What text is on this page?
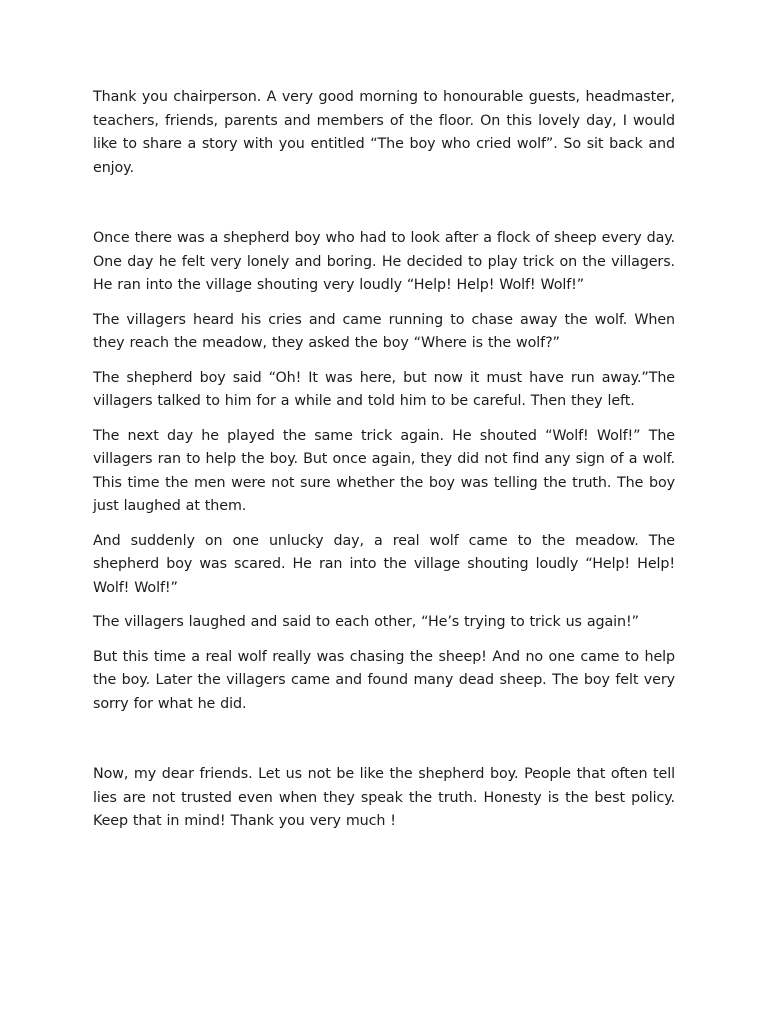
Thank you chairperson. A very good morning to honourable guests, headmaster, teachers, friends, parents and members of the floor. On this lovely day, I would like to share a story with you entitled “The boy who cried wolf”. So sit back and enjoy.

Once there was a shepherd boy who had to look after a flock of sheep every day. One day he felt very lonely and boring. He decided to play trick on the villagers. He ran into the village shouting very loudly “Help! Help! Wolf! Wolf!”

The villagers heard his cries and came running to chase away the wolf. When they reach the meadow, they asked the boy “Where is the wolf?”

The shepherd boy said “Oh! It was here, but now it must have run away.”The villagers talked to him for a while and told him to be careful. Then they left.

The next day he played the same trick again. He shouted “Wolf! Wolf!” The villagers ran to help the boy. But once again, they did not find any sign of a wolf. This time the men were not sure whether the boy was telling the truth. The boy just laughed at them.

And suddenly on one unlucky day, a real wolf came to the meadow. The shepherd boy was scared. He ran into the village shouting loudly “Help! Help! Wolf! Wolf!”

The villagers laughed and said to each other, “He’s trying to trick us again!”

But this time a real wolf really was chasing the sheep! And no one came to help the boy. Later the villagers came and found many dead sheep. The boy felt very sorry for what he did.

Now, my dear friends. Let us not be like the shepherd boy. People that often tell lies are not trusted even when they speak the truth. Honesty is the best policy. Keep that in mind! Thank you very much !
